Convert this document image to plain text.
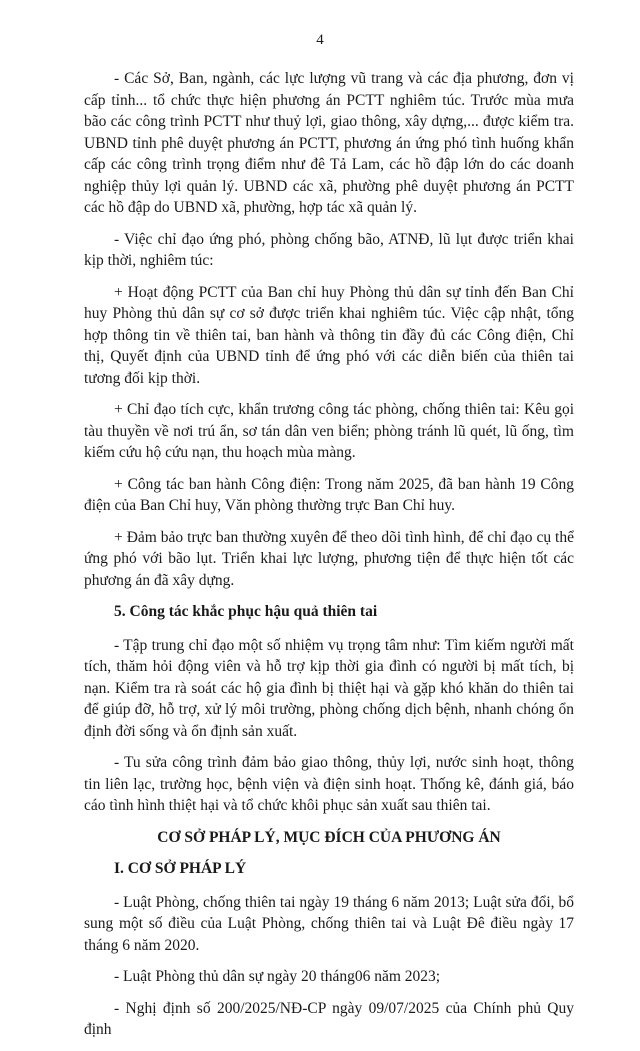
4

- Các Sở, Ban, ngành, các lực lượng vũ trang và các địa phương, đơn vị cấp tỉnh... tổ chức thực hiện phương án PCTT nghiêm túc. Trước mùa mưa bão các công trình PCTT như thuỷ lợi, giao thông, xây dựng,... được kiểm tra. UBND tỉnh phê duyệt phương án PCTT, phương án ứng phó tình huống khẩn cấp các công trình trọng điểm như đê Tả Lam, các hồ đập lớn do các doanh nghiệp thủy lợi quản lý. UBND các xã, phường phê duyệt phương án PCTT các hồ đập do UBND xã, phường, hợp tác xã quản lý.

- Việc chỉ đạo ứng phó, phòng chống bão, ATNĐ, lũ lụt được triển khai kịp thời, nghiêm túc:

+ Hoạt động PCTT của Ban chỉ huy Phòng thủ dân sự tỉnh đến Ban Chỉ huy Phòng thủ dân sự cơ sở được triển khai nghiêm túc. Việc cập nhật, tổng hợp thông tin về thiên tai, ban hành và thông tin đầy đủ các Công điện, Chỉ thị, Quyết định của UBND tỉnh để ứng phó với các diễn biến của thiên tai tương đối kịp thời.

+ Chỉ đạo tích cực, khẩn trương công tác phòng, chống thiên tai: Kêu gọi tàu thuyền về nơi trú ẩn, sơ tán dân ven biển; phòng tránh lũ quét, lũ ống, tìm kiếm cứu hộ cứu nạn, thu hoạch mùa màng.

+ Công tác ban hành Công điện: Trong năm 2025, đã ban hành 19 Công điện của Ban Chỉ huy, Văn phòng thường trực Ban Chỉ huy.

+ Đảm bảo trực ban thường xuyên để theo dõi tình hình, để chỉ đạo cụ thể ứng phó với bão lụt. Triển khai lực lượng, phương tiện để thực hiện tốt các phương án đã xây dựng.

5. Công tác khắc phục hậu quả thiên tai

- Tập trung chỉ đạo một số nhiệm vụ trọng tâm như: Tìm kiếm người mất tích, thăm hỏi động viên và hỗ trợ kịp thời gia đình có người bị mất tích, bị nạn. Kiểm tra rà soát các hộ gia đình bị thiệt hại và gặp khó khăn do thiên tai để giúp đỡ, hỗ trợ, xử lý môi trường, phòng chống dịch bệnh, nhanh chóng ổn định đời sống và ổn định sản xuất.

- Tu sửa công trình đảm bảo giao thông, thủy lợi, nước sinh hoạt, thông tin liên lạc, trường học, bệnh viện và điện sinh hoạt. Thống kê, đánh giá, báo cáo tình hình thiệt hại và tổ chức khôi phục sản xuất sau thiên tai.

CƠ SỞ PHÁP LÝ, MỤC ĐÍCH CỦA PHƯƠNG ÁN

I. CƠ SỞ PHÁP LÝ

- Luật Phòng, chống thiên tai ngày 19 tháng 6 năm 2013; Luật sửa đổi, bổ sung một số điều của Luật Phòng, chống thiên tai và Luật Đê điều ngày 17 tháng 6 năm 2020.

- Luật Phòng thủ dân sự ngày 20 tháng06 năm 2023;

- Nghị định số 200/2025/NĐ-CP ngày 09/07/2025 của Chính phủ Quy định
